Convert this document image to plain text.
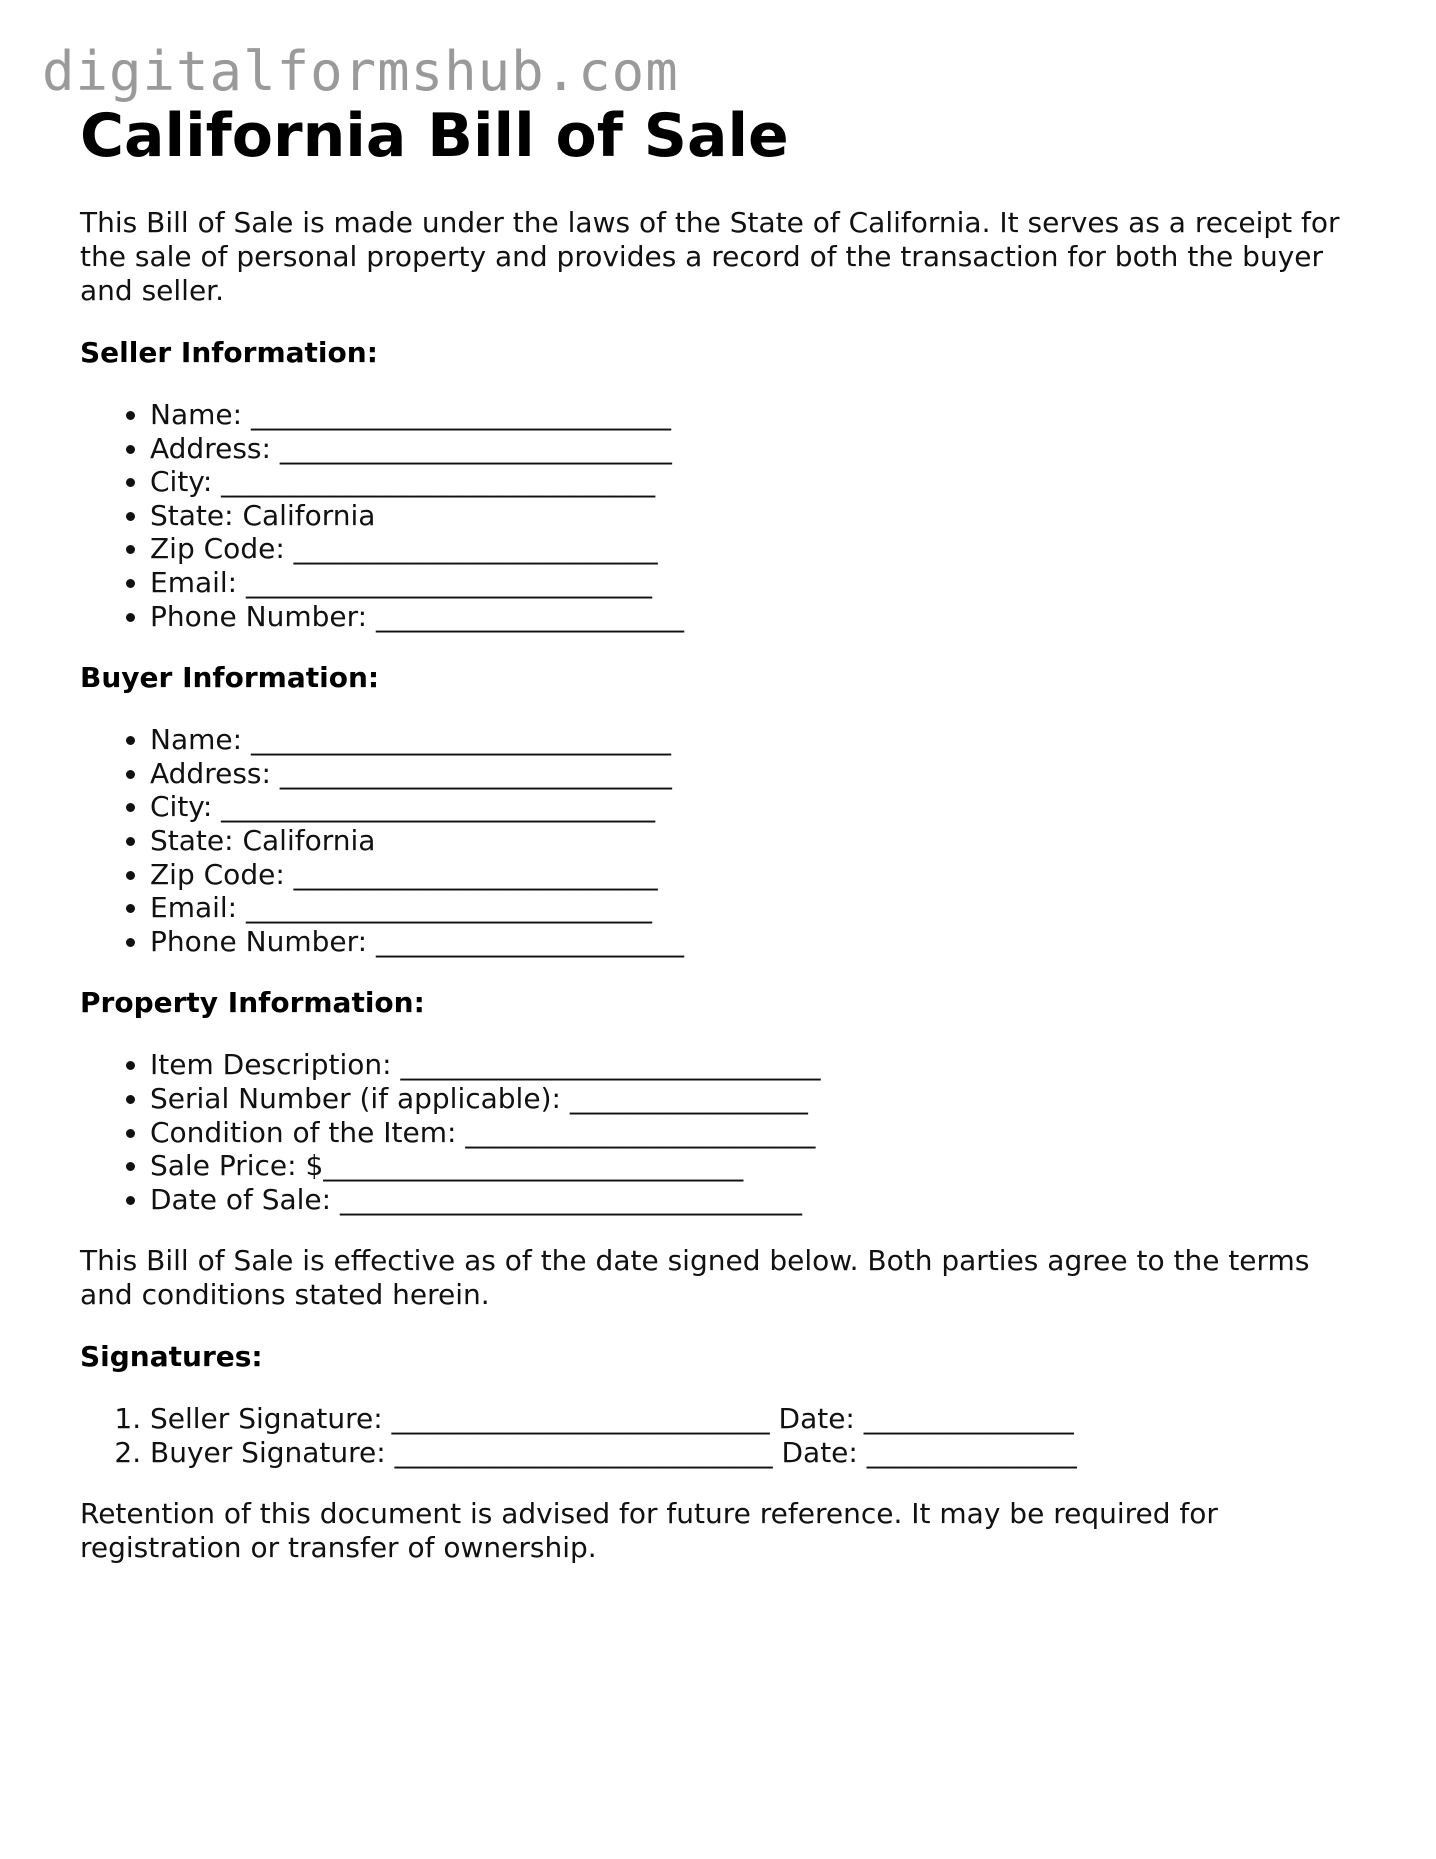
digitalformshub.com
California Bill of Sale

This Bill of Sale is made under the laws of the State of California. It serves as a receipt for the sale of personal property and provides a record of the transaction for both the buyer and seller.

Seller Information:
• Name: ______________________________
• Address: ____________________________
• City: _______________________________
• State: California
• Zip Code: __________________________
• Email: _____________________________
• Phone Number: ______________________
Buyer Information:
• Name: ______________________________
• Address: ____________________________
• City: _______________________________
• State: California
• Zip Code: __________________________
• Email: _____________________________
• Phone Number: ______________________
Property Information:
• Item Description: ______________________________
• Serial Number (if applicable): _________________
• Condition of the Item: _________________________
• Sale Price: $______________________________
• Date of Sale: _________________________________

This Bill of Sale is effective as of the date signed below. Both parties agree to the terms and conditions stated herein.

Signatures:
1. Seller Signature: ___________________________ Date: _______________
2. Buyer Signature: ___________________________ Date: _______________

Retention of this document is advised for future reference. It may be required for registration or transfer of ownership.
